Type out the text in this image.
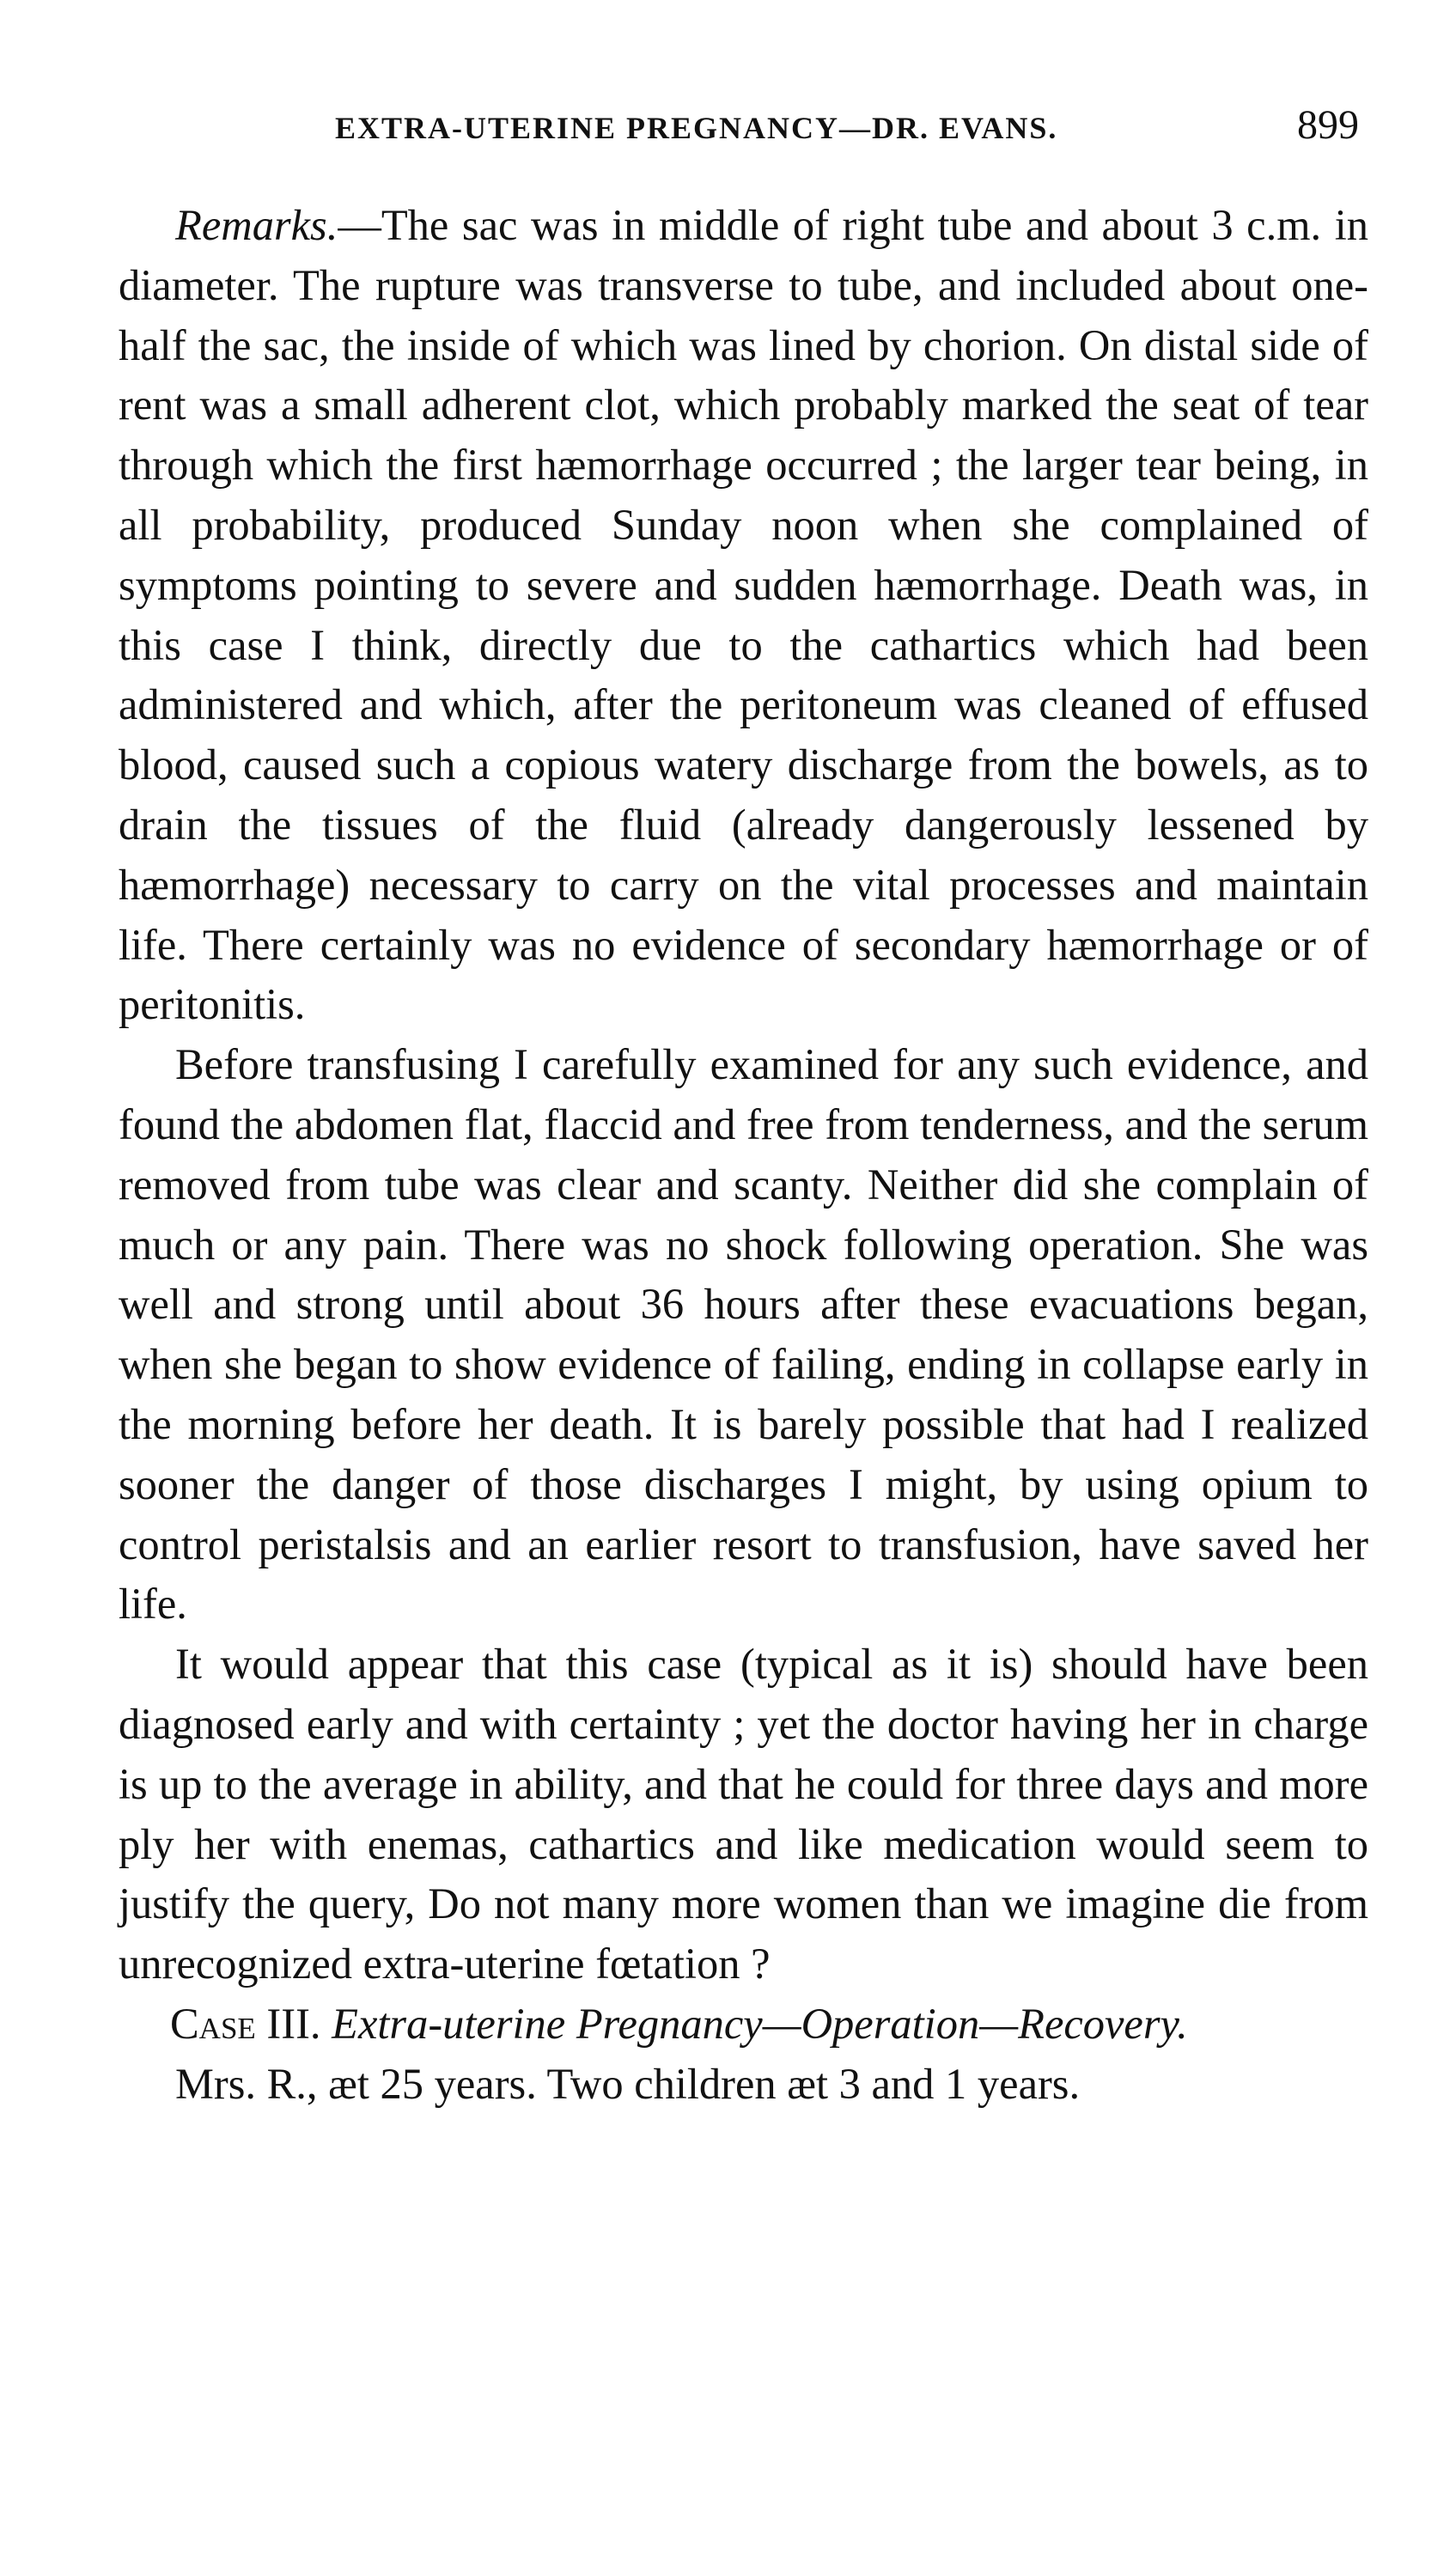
EXTRA-UTERINE PREGNANCY—DR. EVANS.	899

Remarks.—The sac was in middle of right tube and about 3 c.m. in diameter. The rupture was transverse to tube, and included about one-half the sac, the inside of which was lined by chorion. On distal side of rent was a small adherent clot, which probably marked the seat of tear through which the first hæmorrhage occurred ; the larger tear being, in all probability, produced Sunday noon when she complained of symptoms pointing to severe and sudden hæmorrhage. Death was, in this case I think, directly due to the cathartics which had been administered and which, after the peritoneum was cleaned of effused blood, caused such a copious watery discharge from the bowels, as to drain the tissues of the fluid (already dangerously lessened by hæmorrhage) necessary to carry on the vital processes and maintain life. There certainly was no evidence of secondary hæmorrhage or of peritonitis.

Before transfusing I carefully examined for any such evidence, and found the abdomen flat, flaccid and free from tenderness, and the serum removed from tube was clear and scanty. Neither did she complain of much or any pain. There was no shock following operation. She was well and strong until about 36 hours after these evacuations began, when she began to show evidence of failing, ending in collapse early in the morning before her death. It is barely possible that had I realized sooner the danger of those discharges I might, by using opium to control peristalsis and an earlier resort to transfusion, have saved her life.

It would appear that this case (typical as it is) should have been diagnosed early and with certainty ; yet the doctor having her in charge is up to the average in ability, and that he could for three days and more ply her with enemas, cathartics and like medication would seem to justify the query, Do not many more women than we imagine die from unrecognized extra-uterine fœtation ?

Case III. Extra-uterine Pregnancy—Operation—Recovery.

Mrs. R., æt 25 years. Two children æt 3 and 1 years.
